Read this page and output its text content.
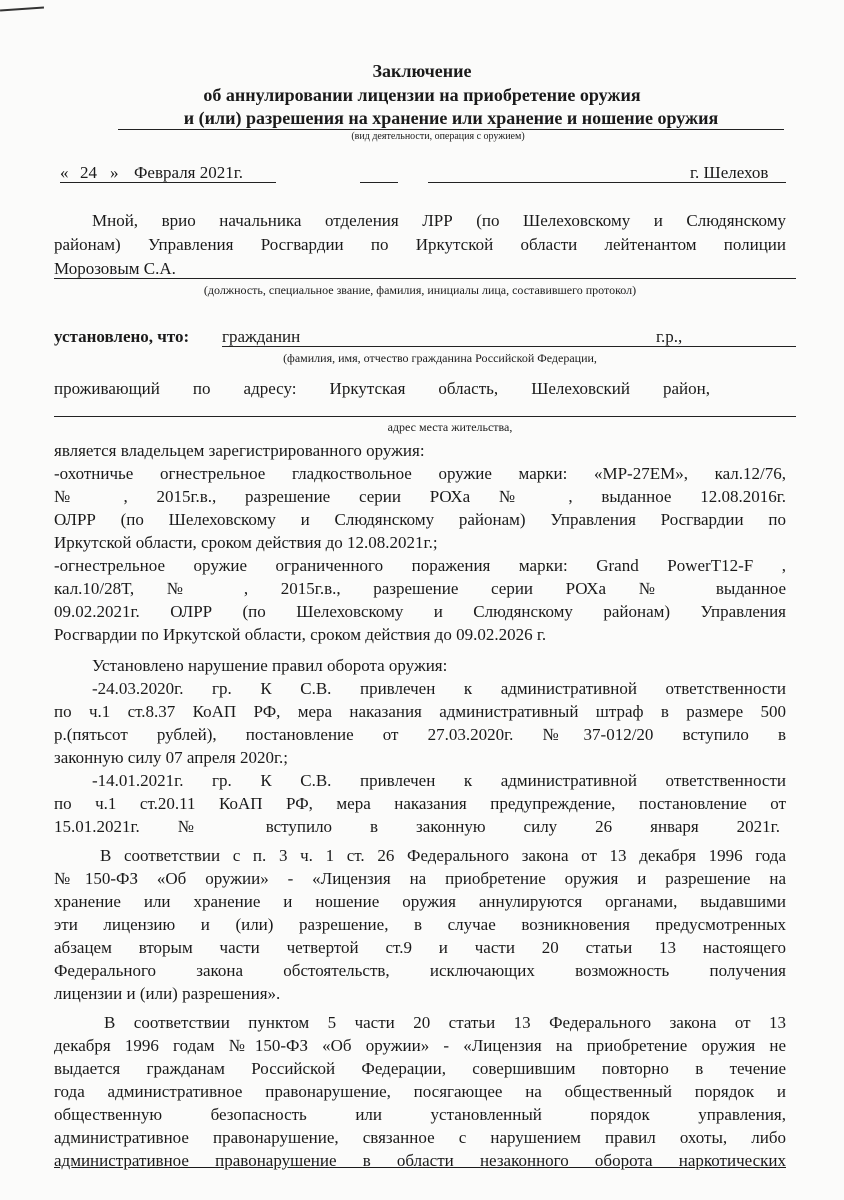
Заключение
об аннулировании лицензии на приобретение оружия
и (или) разрешения на хранение или хранение и ношение оружия
(вид деятельности, операция с оружием)
« 24 » Февраля 2021г.	г. Шелехов
Мной, врио начальника отделения ЛРР (по Шелеховскому и Слюдянскому
районам) Управления Росгвардии по Иркутской области лейтенантом полиции
Морозовым С.А.
(должность, специальное звание, фамилия, инициалы лица, составившего протокол)
установлено, что: гражданин	г.р.,
(фамилия, имя, отчество гражданина Российской Федерации,
проживающий по адресу: Иркутская область, Шелеховский район,
адрес места жительства,
является владельцем зарегистрированного оружия:
-охотничье огнестрельное гладкоствольное оружие марки: «МР-27ЕМ», кал.12/76,
№ , 2015г.в., разрешение серии РОХа № , выданное 12.08.2016г.
ОЛРР (по Шелеховскому и Слюдянскому районам) Управления Росгвардии по
Иркутской области, сроком действия до 12.08.2021г.;
-огнестрельное оружие ограниченного поражения марки: Grand PowerT12-F ,
кал.10/28Т, № , 2015г.в., разрешение серии РОХа № выданное
09.02.2021г. ОЛРР (по Шелеховскому и Слюдянскому районам) Управления
Росгвардии по Иркутской области, сроком действия до 09.02.2026 г.
Установлено нарушение правил оборота оружия:
-24.03.2020г. гр. К С.В. привлечен к административной ответственности
по ч.1 ст.8.37 КоАП РФ, мера наказания административный штраф в размере 500
р.(пятьсот рублей), постановление от 27.03.2020г. №37-012/20 вступило в
законную силу 07 апреля 2020г.;
-14.01.2021г. гр. К С.В. привлечен к административной ответственности
по ч.1 ст.20.11 КоАП РФ, мера наказания предупреждение, постановление от
15.01.2021г. № вступило в законную силу 26 января 2021г.
В соответствии с п. 3 ч. 1 ст. 26 Федерального закона от 13 декабря 1996 года
№150-ФЗ «Об оружии» - «Лицензия на приобретение оружия и разрешение на
хранение или хранение и ношение оружия аннулируются органами, выдавшими
эти лицензию и (или) разрешение, в случае возникновения предусмотренных
абзацем вторым части четвертой ст.9 и части 20 статьи 13 настоящего
Федерального закона обстоятельств, исключающих возможность получения
лицензии и (или) разрешения».
В соответствии пунктом 5 части 20 статьи 13 Федерального закона от 13
декабря 1996 годам №150-ФЗ «Об оружии» - «Лицензия на приобретение оружия не
выдается гражданам Российской Федерации, совершившим повторно в течение
года административное правонарушение, посягающее на общественный порядок и
общественную безопасность или установленный порядок управления,
административное правонарушение, связанное с нарушением правил охоты, либо
административное правонарушение в области незаконного оборота наркотических
